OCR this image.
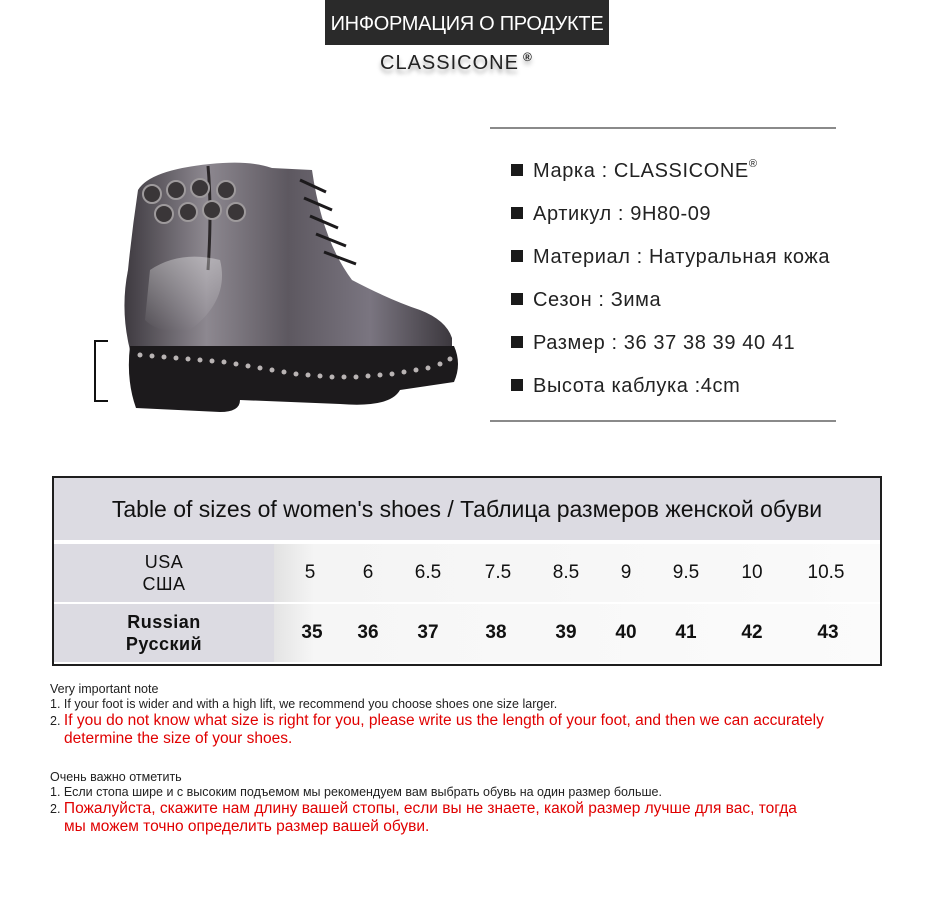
ИНФОРМАЦИЯ О ПРОДУКТЕ
CLASSICONE ®
Марка : CLASSICONE ®
Артикул : 9H80-09
Материал : Натуральная кожа
Сезон : Зима
Размер : 36 37 38 39 40 41
Высота каблука :4cm
Table of sizes of women's shoes / Таблица размеров женской обуви
USA
США
5 6 6.5 7.5 8.5 9 9.5 10 10.5
Russian
Русский
35 36 37 38	39 40 41 42	43
Very important note
1. If your foot is wider and with a high lift, we recommend you choose shoes one size larger.
2. If you do not know what size is right for you, please write us the length of your foot, and then we can accurately
determine the size of your shoes.
Очень важно отметить
1. Если стопа шире и с высоким подъемом мы рекомендуем вам выбрать обувь на один размер больше.
2. Пожалуйста, скажите нам длину вашей стопы, если вы не знаете, какой размер лучше для вас, тогда
мы можем точно определить размер вашей обуви.
